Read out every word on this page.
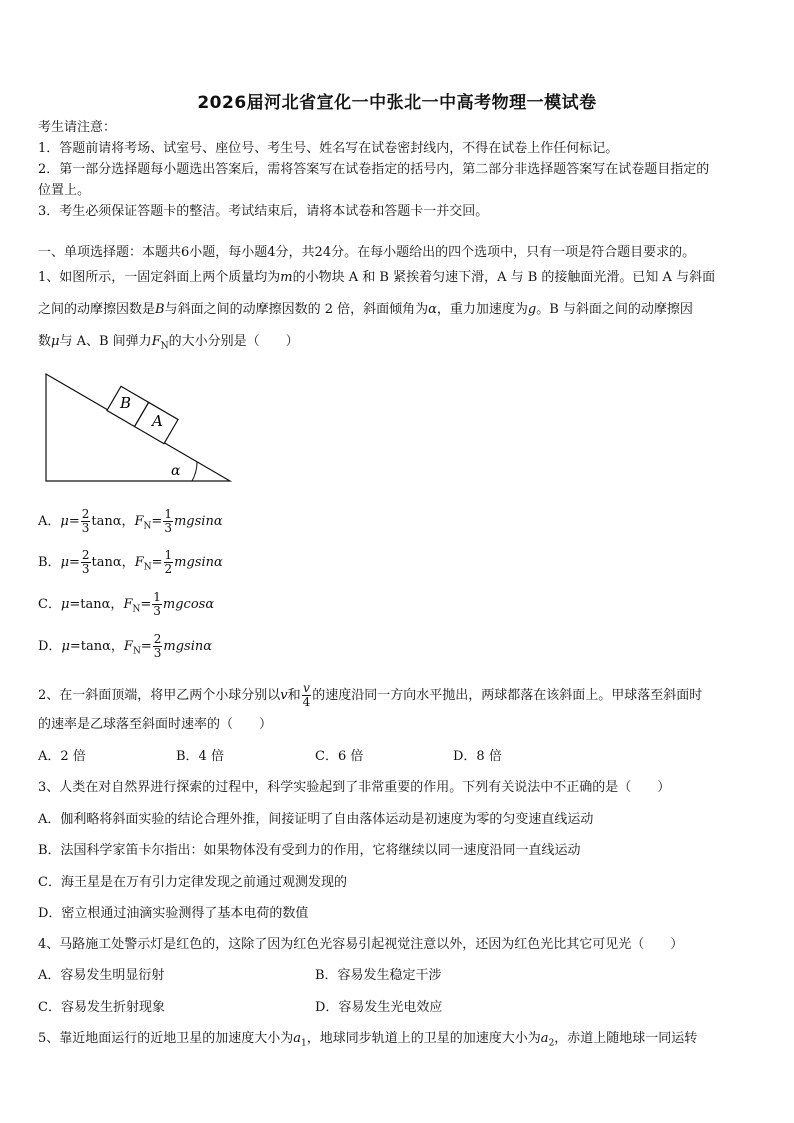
2026届河北省宣化一中张北一中高考物理一模试卷
考生请注意：
1．答题前请将考场、试室号、座位号、考生号、姓名写在试卷密封线内，不得在试卷上作任何标记。
2．第一部分选择题每小题选出答案后，需将答案写在试卷指定的括号内，第二部分非选择题答案写在试卷题目指定的
位置上。
3．考生必须保证答题卡的整洁。考试结束后，请将本试卷和答题卡一并交回。
一、单项选择题：本题共6小题，每小题4分，共24分。在每小题给出的四个选项中，只有一项是符合题目要求的。
1、如图所示，一固定斜面上两个质量均为m的小物块 A 和 B 紧挨着匀速下滑，A 与 B 的接触面光滑。已知 A 与斜面
之间的动摩擦因数是B与斜面之间的动摩擦因数的 2 倍，斜面倾角为α，重力加速度为g。B 与斜面之间的动摩擦因
数μ与 A、B 间弹力$F_N$的大小分别是（　　）
B
A
α
A．$\mu= \frac{2}{3}$ tanα，$F_N= \frac{1}{3}$ mgsinα
B．$\mu= \frac{2}{3}$ tanα，$F_N= \frac{1}{2}$ mgsinα
C．μ=tanα，$F_N= \frac{1}{3}$ mgcosα
D．μ=tanα，$F_N= \frac{2}{3}$ mgsinα
2、在一斜面顶端，将甲乙两个小球分别以v和 $\frac{v}{4}$ 的速度沿同一方向水平抛出，两球都落在该斜面上。甲球落至斜面时
的速率是乙球落至斜面时速率的（　　）
A．2 倍	B．4 倍	C．6 倍	D．8 倍
3、人类在对自然界进行探索的过程中，科学实验起到了非常重要的作用。下列有关说法中不正确的是（　　）
A．伽利略将斜面实验的结论合理外推，间接证明了自由落体运动是初速度为零的匀变速直线运动
B．法国科学家笛卡尔指出：如果物体没有受到力的作用，它将继续以同一速度沿同一直线运动
C．海王星是在万有引力定律发现之前通过观测发现的
D．密立根通过油滴实验测得了基本电荷的数值
4、马路施工处警示灯是红色的，这除了因为红色光容易引起视觉注意以外，还因为红色光比其它可见光（　　）
A．容易发生明显衍射	B．容易发生稳定干涉
C．容易发生折射现象	D．容易发生光电效应
5、靠近地面运行的近地卫星的加速度大小为$a_1$，地球同步轨道上的卫星的加速度大小为$a_2$，赤道上随地球一同运转
